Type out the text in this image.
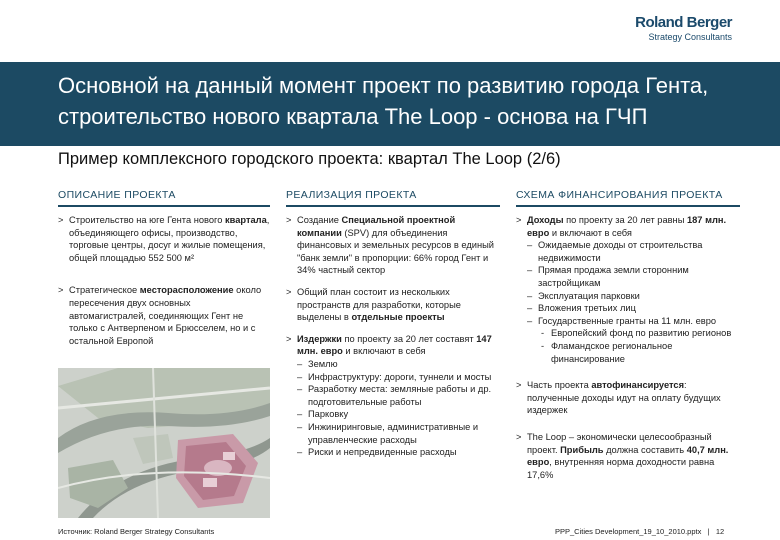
Roland Berger
Strategy Consultants
Основной на данный момент проект по развитию города Гента, строительство нового квартала The Loop - основа на ГЧП
Пример комплексного городского проекта: квартал The Loop (2/6)
ОПИСАНИЕ ПРОЕКТА	РЕАЛИЗАЦИЯ ПРОЕКТА	СХЕМА ФИНАНСИРОВАНИЯ ПРОЕКТА

> Строительство на юге Гента нового квартала, объединяющего офисы, производство, торговые центры, досуг и жилые помещения, общей площадью 552 500 м²

> Стратегическое месторасположение около пересечения двух основных автомагистралей, соединяющих Гент не только с Антверпеном и Брюсселем, но и с остальной Европой

> Создание Специальной проектной компании (SPV) для объединения финансовых и земельных ресурсов в единый "банк земли" в пропорции: 66% город Гент и 34% частный сектор

> Общий план состоит из нескольких пространств для разработки, которые выделены в отдельные проекты

> Издержки по проекту за 20 лет составят 147 млн. евро и включают в себя
– Землю
– Инфраструктуру: дороги, туннели и мосты
– Разработку места: земляные работы и др. подготовительные работы
– Парковку
– Инжиниринговые, административные и управленческие расходы
– Риски и непредвиденные расходы

> Доходы по проекту за 20 лет равны 187 млн. евро и включают в себя
– Ожидаемые доходы от строительства недвижимости
– Прямая продажа земли сторонним застройщикам
– Эксплуатация парковки
– Вложения третьих лиц
– Государственные гранты на 11 млн. евро
- Европейский фонд по развитию регионов
- Фламандское региональное финансирование

> Часть проекта автофинансируется: полученные доходы идут на оплату будущих издержек

> The Loop – экономически целесообразный проект. Прибыль должна составить 40,7 млн. евро, внутренняя норма доходности равна 17,6%

Источник: Roland Berger Strategy Consultants	PPP_Cities Development_19_10_2010.pptx | 12
